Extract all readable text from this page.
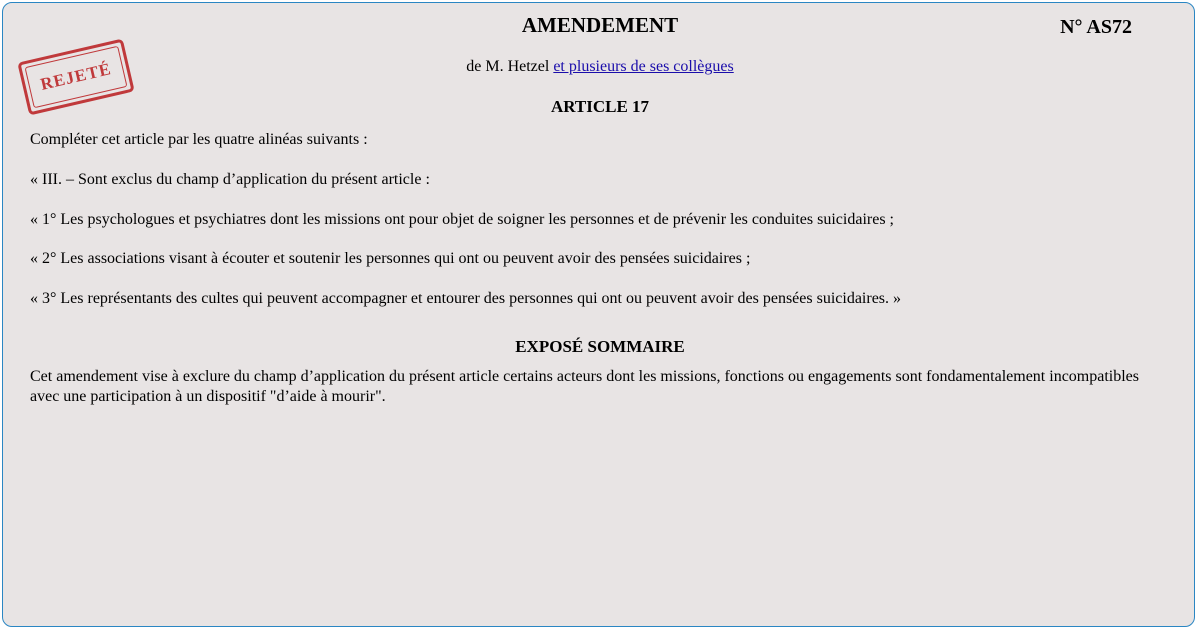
REJETÉ
AMENDEMENT	N° AS72
de M. Hetzel et plusieurs de ses collègues
ARTICLE 17
Compléter cet article par les quatre alinéas suivants :
« III. – Sont exclus du champ d’application du présent article :
« 1° Les psychologues et psychiatres dont les missions ont pour objet de soigner les personnes et de prévenir les conduites suicidaires ;
« 2° Les associations visant à écouter et soutenir les personnes qui ont ou peuvent avoir des pensées suicidaires ;
« 3° Les représentants des cultes qui peuvent accompagner et entourer des personnes qui ont ou peuvent avoir des pensées suicidaires. »
EXPOSÉ SOMMAIRE
Cet amendement vise à exclure du champ d’application du présent article certains acteurs dont les missions, fonctions ou engagements sont fondamentalement incompatibles avec une participation à un dispositif "d’aide à mourir".
